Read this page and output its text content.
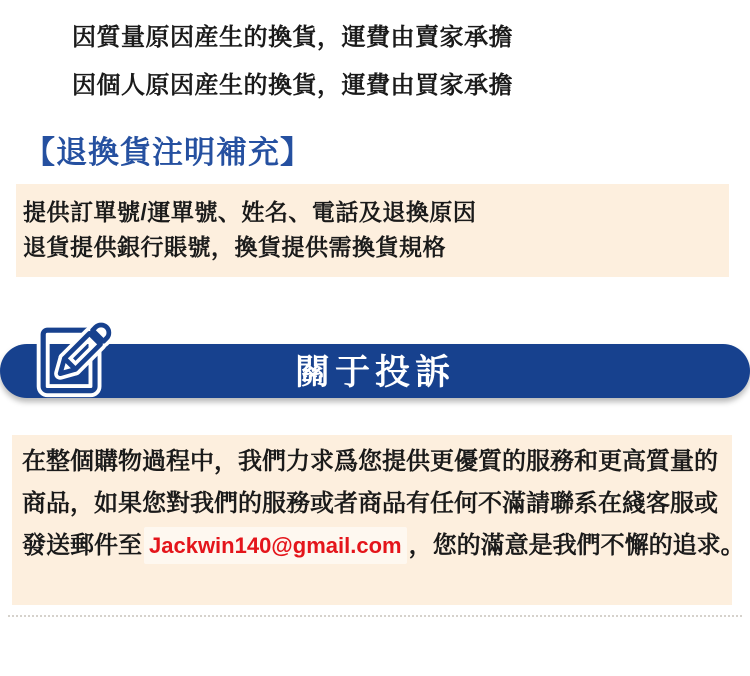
因質量原因産生的換貨，運費由賣家承擔

因個人原因産生的換貨，運費由買家承擔

【退換貨注明補充】

提供訂單號/運單號、姓名、電話及退換原因

退貨提供銀行賬號，換貨提供需換貨規格

關于投訴

在整個購物過程中，我們力求爲您提供更優質的服務和更高質量的

商品，如果您對我們的服務或者商品有任何不滿請聯系在綫客服或

發送郵件至 Jackwin140@gmail.com ，您的滿意是我們不懈的追求。
